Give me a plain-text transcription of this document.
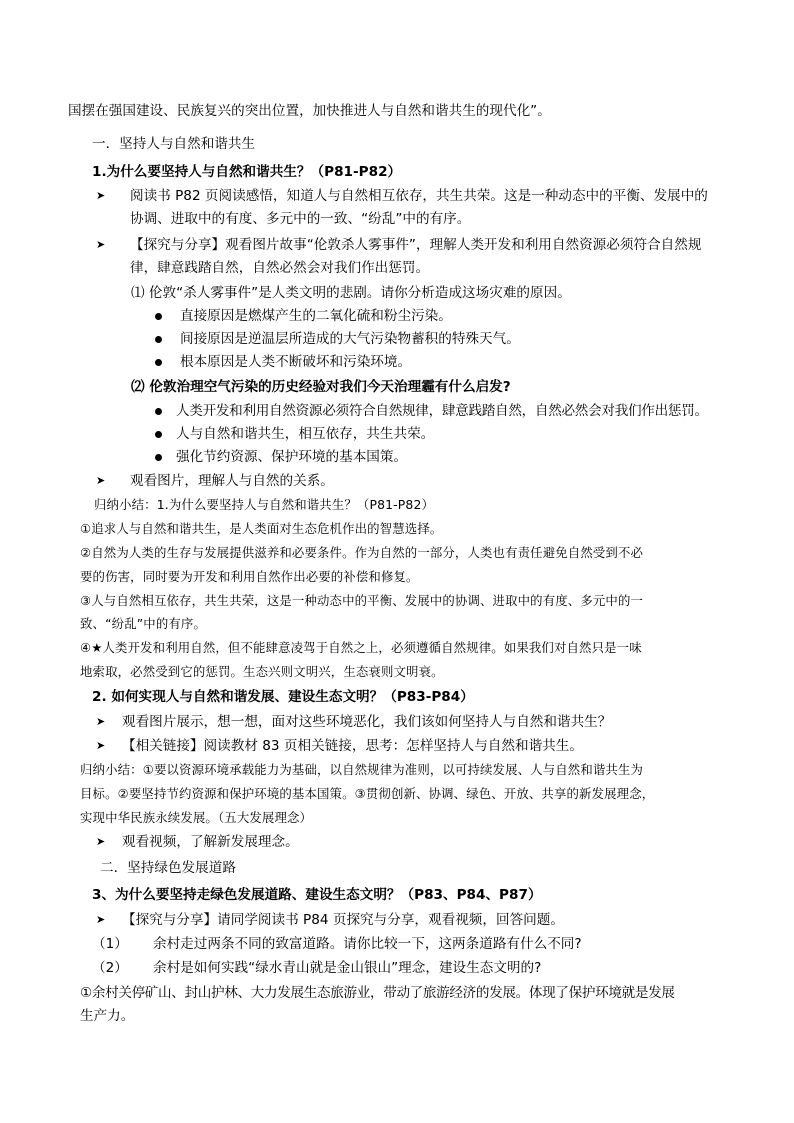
国摆在强国建设、民族复兴的突出位置，加快推进人与自然和谐共生的现代化”。
一．坚持人与自然和谐共生
1.为什么要坚持人与自然和谐共生？（P81-P82）
➤ 阅读书 P82 页阅读感悟，知道人与自然相互依存，共生共荣。这是一种动态中的平衡、发展中的
协调、进取中的有度、多元中的一致、“纷乱”中的有序。
➤ 【探究与分享】观看图片故事“伦敦杀人雾事件”，理解人类开发和利用自然资源必须符合自然规
律，肆意践踏自然，自然必然会对我们作出惩罚。
⑴ 伦敦“杀人雾事件”是人类文明的悲剧。请你分析造成这场灾难的原因。
直接原因是燃煤产生的二氧化硫和粉尘污染。
间接原因是逆温层所造成的大气污染物蓄积的特殊天气。
根本原因是人类不断破坏和污染环境。
⑵ 伦敦治理空气污染的历史经验对我们今天治理霾有什么启发?
人类开发和利用自然资源必须符合自然规律，肆意践踏自然，自然必然会对我们作出惩罚。
人与自然和谐共生，相互依存，共生共荣。
强化节约资源、保护环境的基本国策。
➤ 观看图片，理解人与自然的关系。
归纳小结：1.为什么要坚持人与自然和谐共生？（P81-P82）
①追求人与自然和谐共生，是人类面对生态危机作出的智慧选择。
②自然为人类的生存与发展提供滋养和必要条件。作为自然的一部分，人类也有责任避免自然受到不必
要的伤害，同时要为开发和利用自然作出必要的补偿和修复。
③人与自然相互依存，共生共荣，这是一种动态中的平衡、发展中的协调、进取中的有度、多元中的一
致、“纷乱”中的有序。
④★人类开发和利用自然，但不能肆意凌驾于自然之上，必须遵循自然规律。如果我们对自然只是一味
地索取，必然受到它的惩罚。生态兴则文明兴，生态衰则文明衰。
2. 如何实现人与自然和谐发展、建设生态文明？（P83-P84）
➤ 观看图片展示，想一想，面对这些环境恶化，我们该如何坚持人与自然和谐共生？
➤ 【相关链接】阅读教材 83 页相关链接，思考：怎样坚持人与自然和谐共生。
归纳小结：①要以资源环境承载能力为基础，以自然规律为准则，以可持续发展、人与自然和谐共生为
目标。②要坚持节约资源和保护环境的基本国策。③贯彻创新、协调、绿色、开放、共享的新发展理念，
实现中华民族永续发展。（五大发展理念）
➤ 观看视频，了解新发展理念。
二．坚持绿色发展道路
3、为什么要坚持走绿色发展道路、建设生态文明？（P83、P84、P87）
➤ 【探究与分享】请同学阅读书 P84 页探究与分享，观看视频，回答问题。
（1） 余村走过两条不同的致富道路。请你比较一下，这两条道路有什么不同?
（2） 余村是如何实践“绿水青山就是金山银山”理念，建设生态文明的?
①余村关停矿山、封山护林、大力发展生态旅游业，带动了旅游经济的发展。体现了保护环境就是发展
生产力。
